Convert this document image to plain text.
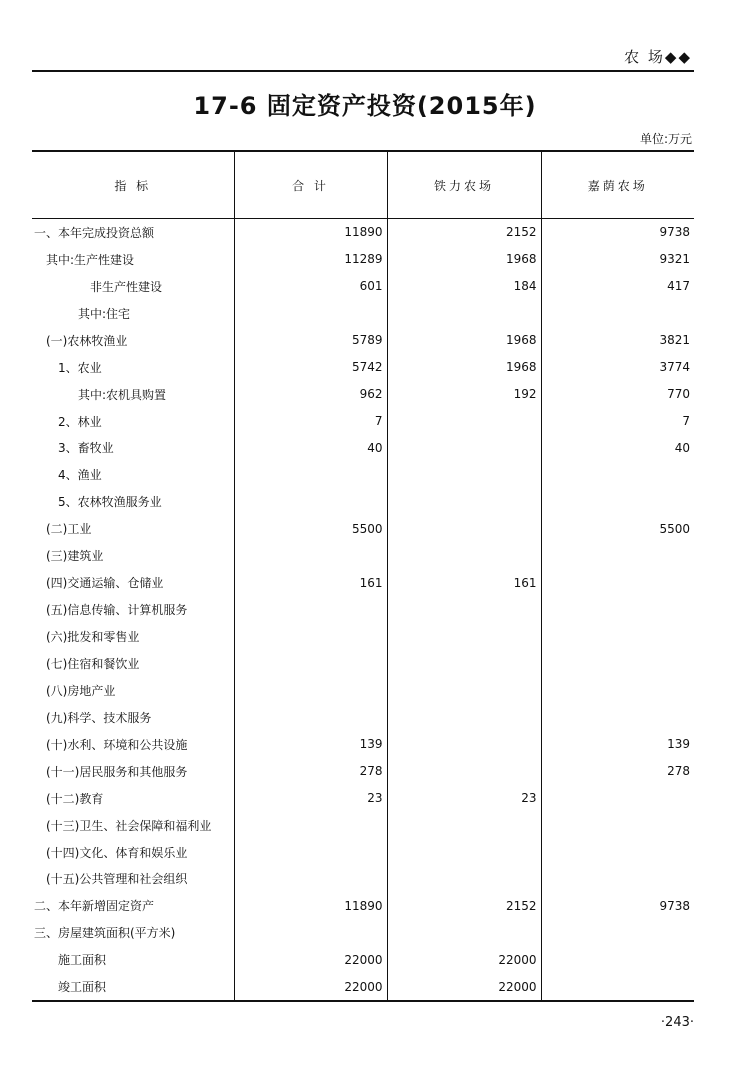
农 场◆◆
17-6 固定资产投资(2015年)
单位:万元
指 标	合 计	铁力农场	嘉荫农场
一、本年完成投资总额	11890	2152	9738
其中:生产性建设	11289	1968	9321
非生产性建设	601	184	417
其中:住宅			
(一)农林牧渔业	5789	1968	3821
1、农业	5742	1968	3774
其中:农机具购置	962	192	770
2、林业	7		7
3、畜牧业	40		40
4、渔业			
5、农林牧渔服务业			
(二)工业	5500		5500
(三)建筑业			
(四)交通运输、仓储业	161	161	
(五)信息传输、计算机服务			
(六)批发和零售业			
(七)住宿和餐饮业			
(八)房地产业			
(九)科学、技术服务			
(十)水利、环境和公共设施	139		139
(十一)居民服务和其他服务	278		278
(十二)教育	23	23	
(十三)卫生、社会保障和福利业			
(十四)文化、体育和娱乐业			
(十五)公共管理和社会组织			
二、本年新增固定资产	11890	2152	9738
三、房屋建筑面积(平方米)			
施工面积	22000	22000	
竣工面积	22000	22000	
·243·
